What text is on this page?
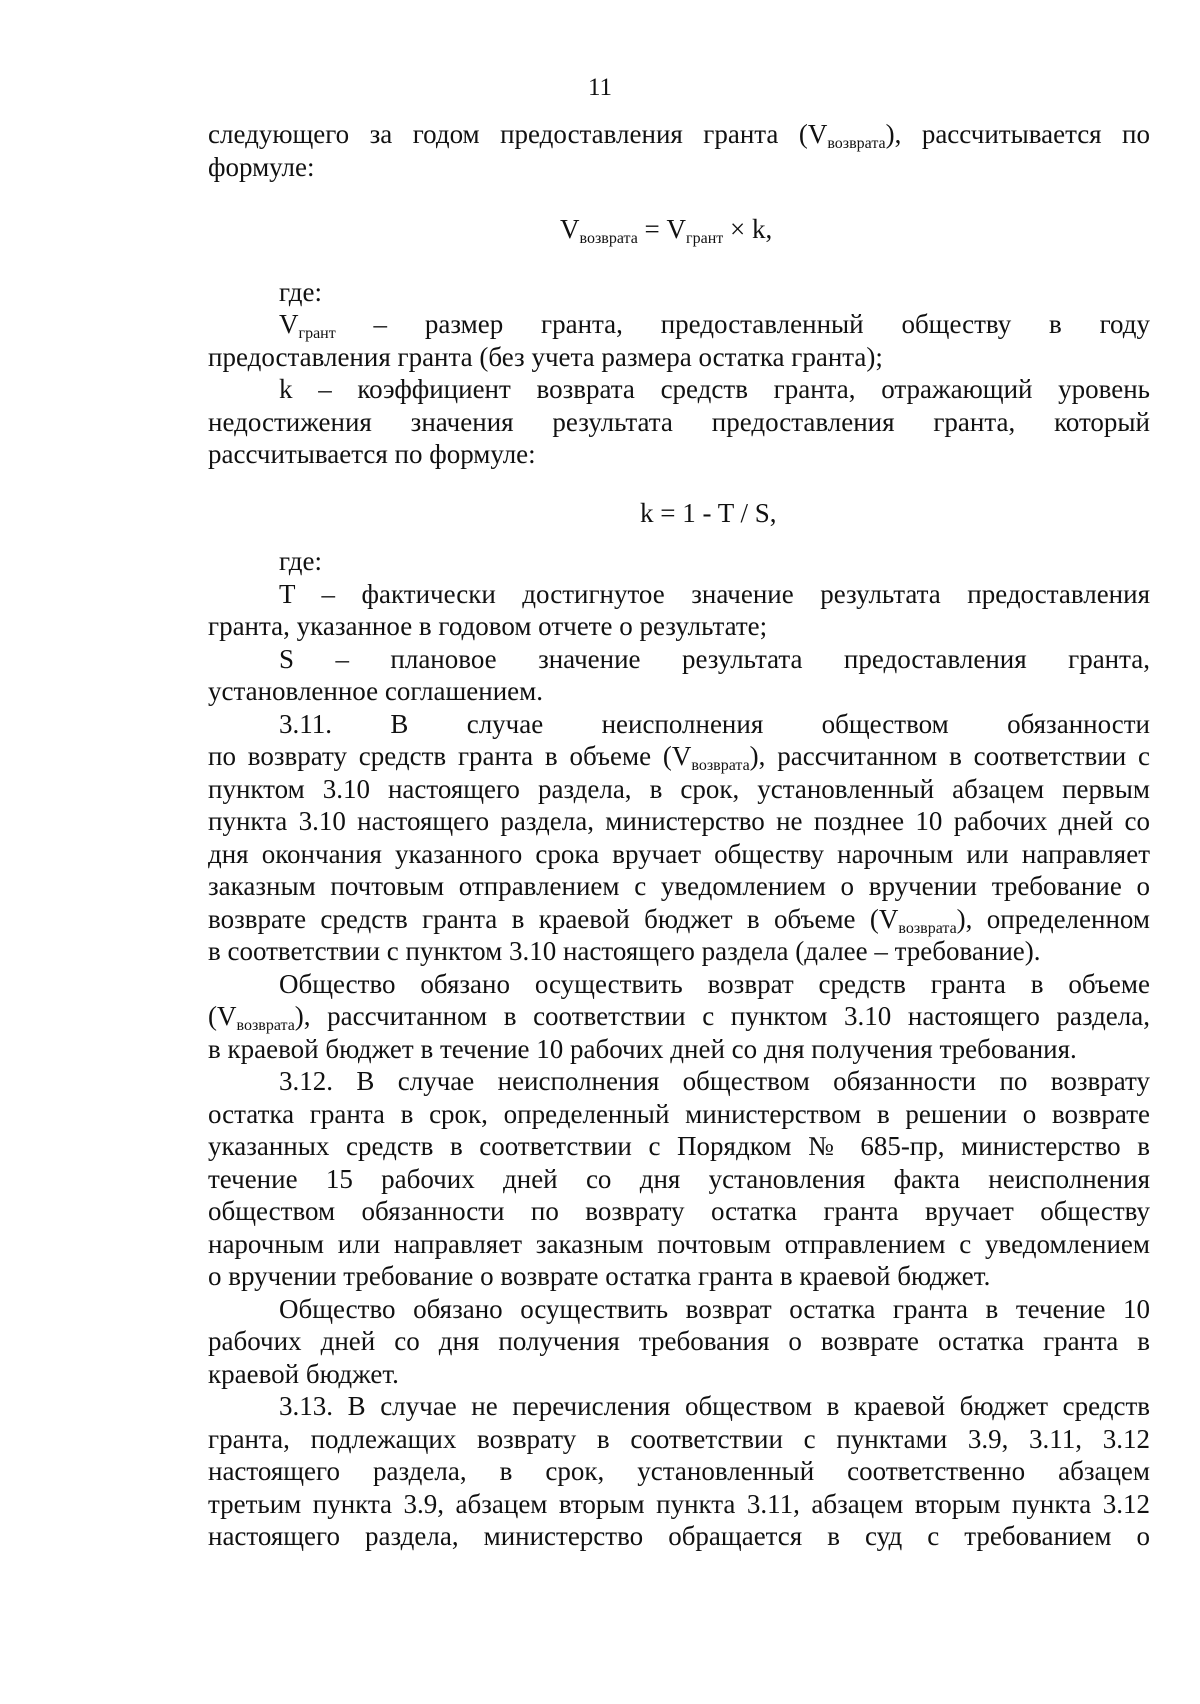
11

следующего за годом предоставления гранта $(V_{возврата})$, рассчитывается по

формуле:

$V_{возврата} = V_{грант} \times k$,

где:

$V_{грант}$ – размер гранта, предоставленный обществу в году

предоставления гранта (без учета размера остатка гранта);

k – коэффициент возврата средств гранта, отражающий уровень

недостижения значения результата предоставления гранта, который

рассчитывается по формуле:

k = 1 - T / S,

где:

T – фактически достигнутое значение результата предоставления

гранта, указанное в годовом отчете о результате;

S – плановое значение результата предоставления гранта,

установленное соглашением.

3.11. В случае неисполнения обществом обязанности

по возврату средств гранта в объеме $(V_{возврата})$, рассчитанном в соответствии с

пунктом 3.10 настоящего раздела, в срок, установленный абзацем первым

пункта 3.10 настоящего раздела, министерство не позднее 10 рабочих дней со

дня окончания указанного срока вручает обществу нарочным или направляет

заказным почтовым отправлением с уведомлением о вручении требование о

возврате средств гранта в краевой бюджет в объеме $(V_{возврата})$, определенном

в соответствии с пунктом 3.10 настоящего раздела (далее – требование).

Общество обязано осуществить возврат средств гранта в объеме

$(V_{возврата})$, рассчитанном в соответствии с пунктом 3.10 настоящего раздела,

в краевой бюджет в течение 10 рабочих дней со дня получения требования.

3.12. В случае неисполнения обществом обязанности по возврату

остатка гранта в срок, определенный министерством в решении о возврате

указанных средств в соответствии с Порядком № 685-пр, министерство в

течение 15 рабочих дней со дня установления факта неисполнения

обществом обязанности по возврату остатка гранта вручает обществу

нарочным или направляет заказным почтовым отправлением с уведомлением

о вручении требование о возврате остатка гранта в краевой бюджет.

Общество обязано осуществить возврат остатка гранта в течение 10

рабочих дней со дня получения требования о возврате остатка гранта в

краевой бюджет.

3.13. В случае не перечисления обществом в краевой бюджет средств

гранта, подлежащих возврату в соответствии с пунктами 3.9, 3.11, 3.12

настоящего раздела, в срок, установленный соответственно абзацем

третьим пункта 3.9, абзацем вторым пункта 3.11, абзацем вторым пункта 3.12

настоящего раздела, министерство обращается в суд с требованием о
